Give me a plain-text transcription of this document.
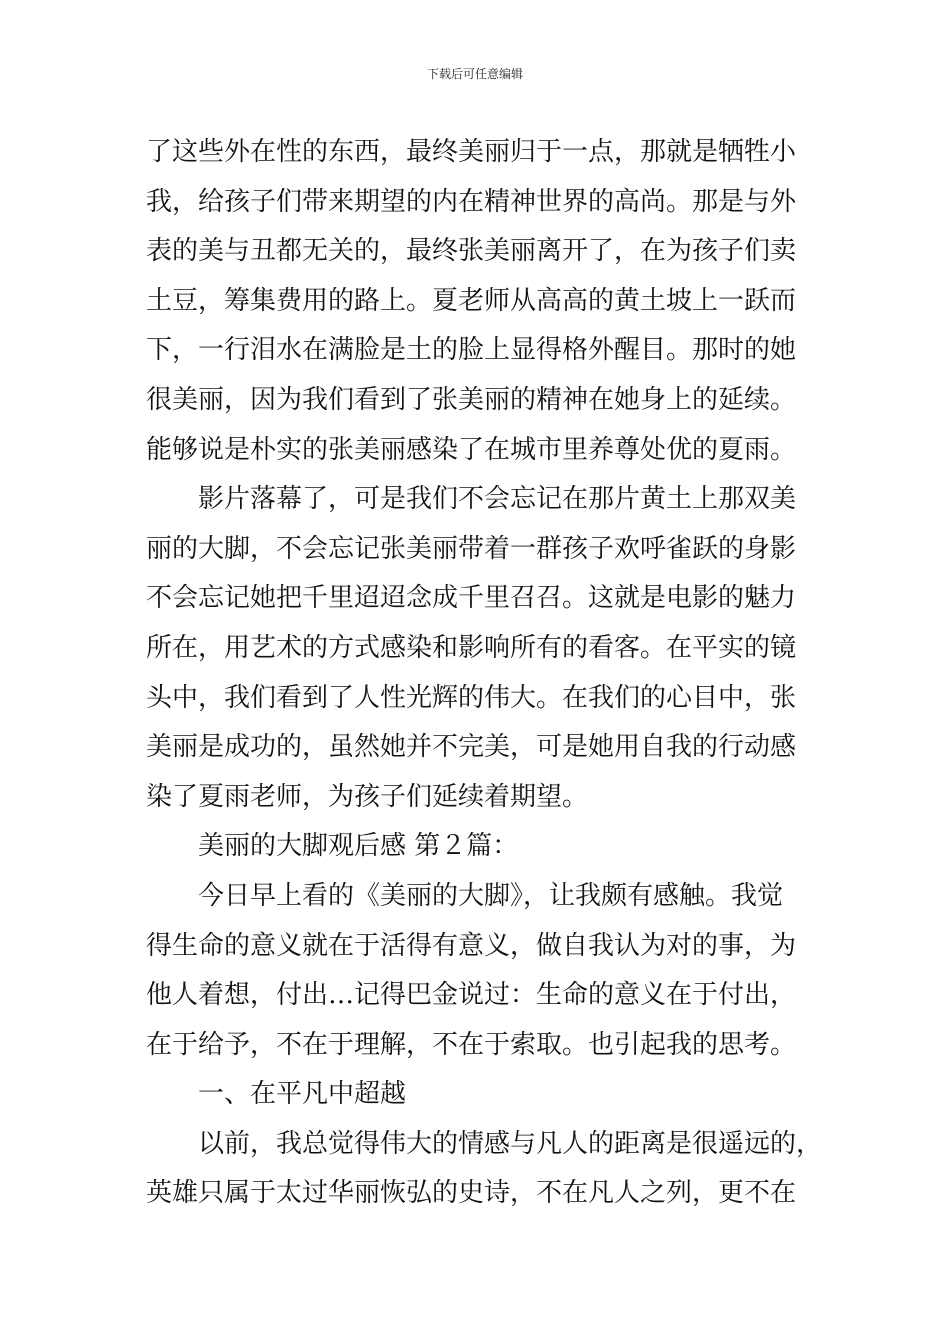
下载后可任意编辑
了这些外在性的东西，最终美丽归于一点，那就是牺牲小
我，给孩子们带来期望的内在精神世界的高尚。那是与外
表的美与丑都无关的，最终张美丽离开了，在为孩子们卖
土豆，筹集费用的路上。夏老师从高高的黄土坡上一跃而
下，一行泪水在满脸是土的脸上显得格外醒目。那时的她
很美丽，因为我们看到了张美丽的精神在她身上的延续。
能够说是朴实的张美丽感染了在城市里养尊处优的夏雨。
影片落幕了，可是我们不会忘记在那片黄土上那双美
丽的大脚，不会忘记张美丽带着一群孩子欢呼雀跃的身影
不会忘记她把千里迢迢念成千里召召。这就是电影的魅力
所在，用艺术的方式感染和影响所有的看客。在平实的镜
头中，我们看到了人性光辉的伟大。在我们的心目中，张
美丽是成功的，虽然她并不完美，可是她用自我的行动感
染了夏雨老师，为孩子们延续着期望。
美丽的大脚观后感 第２篇：
今日早上看的《美丽的大脚》，让我颇有感触。我觉
得生命的意义就在于活得有意义，做自我认为对的事，为
他人着想，付出…记得巴金说过：生命的意义在于付出，
在于给予，不在于理解，不在于索取。也引起我的思考。
一、在平凡中超越
以前，我总觉得伟大的情感与凡人的距离是很遥远的，
英雄只属于太过华丽恢弘的史诗，不在凡人之列，更不在
